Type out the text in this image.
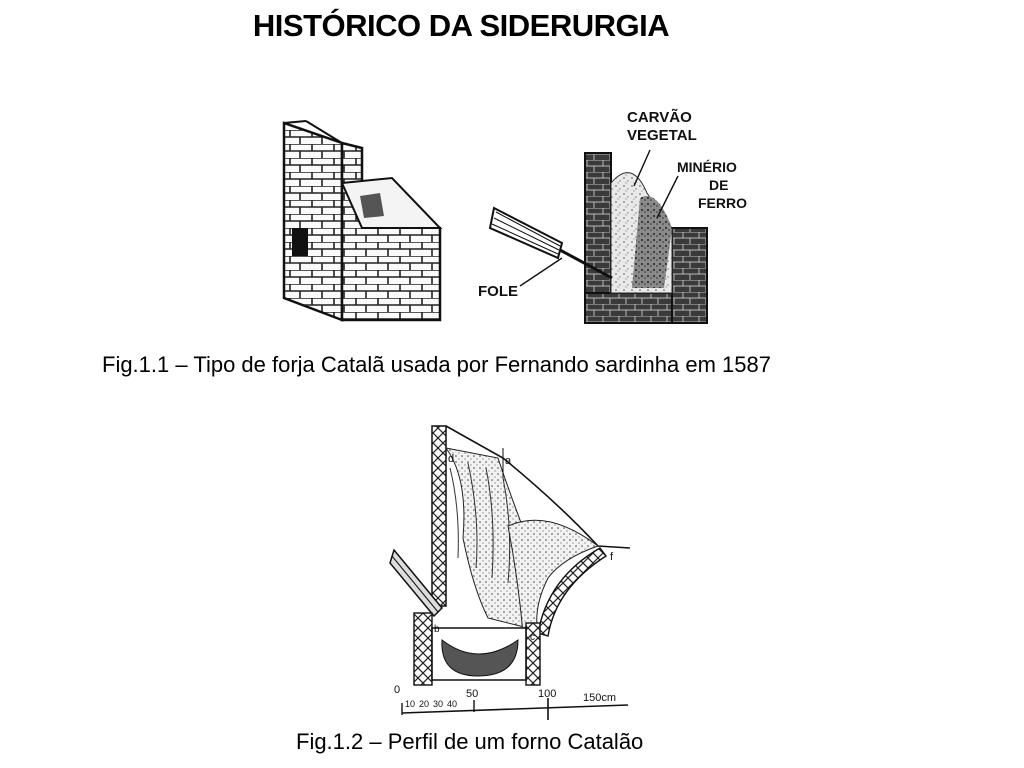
HISTÓRICO DA SIDERURGIA
CARVÃO
VEGETAL
MINÉRIO
DE
FERRO
FOLE
Fig.1.1 – Tipo de forja Catalã usada por Fernando sardinha em 1587
d	a
f
b
c
0
10 20 30 40
50	100 150cm
Fig.1.2 – Perfil de um forno Catalão
